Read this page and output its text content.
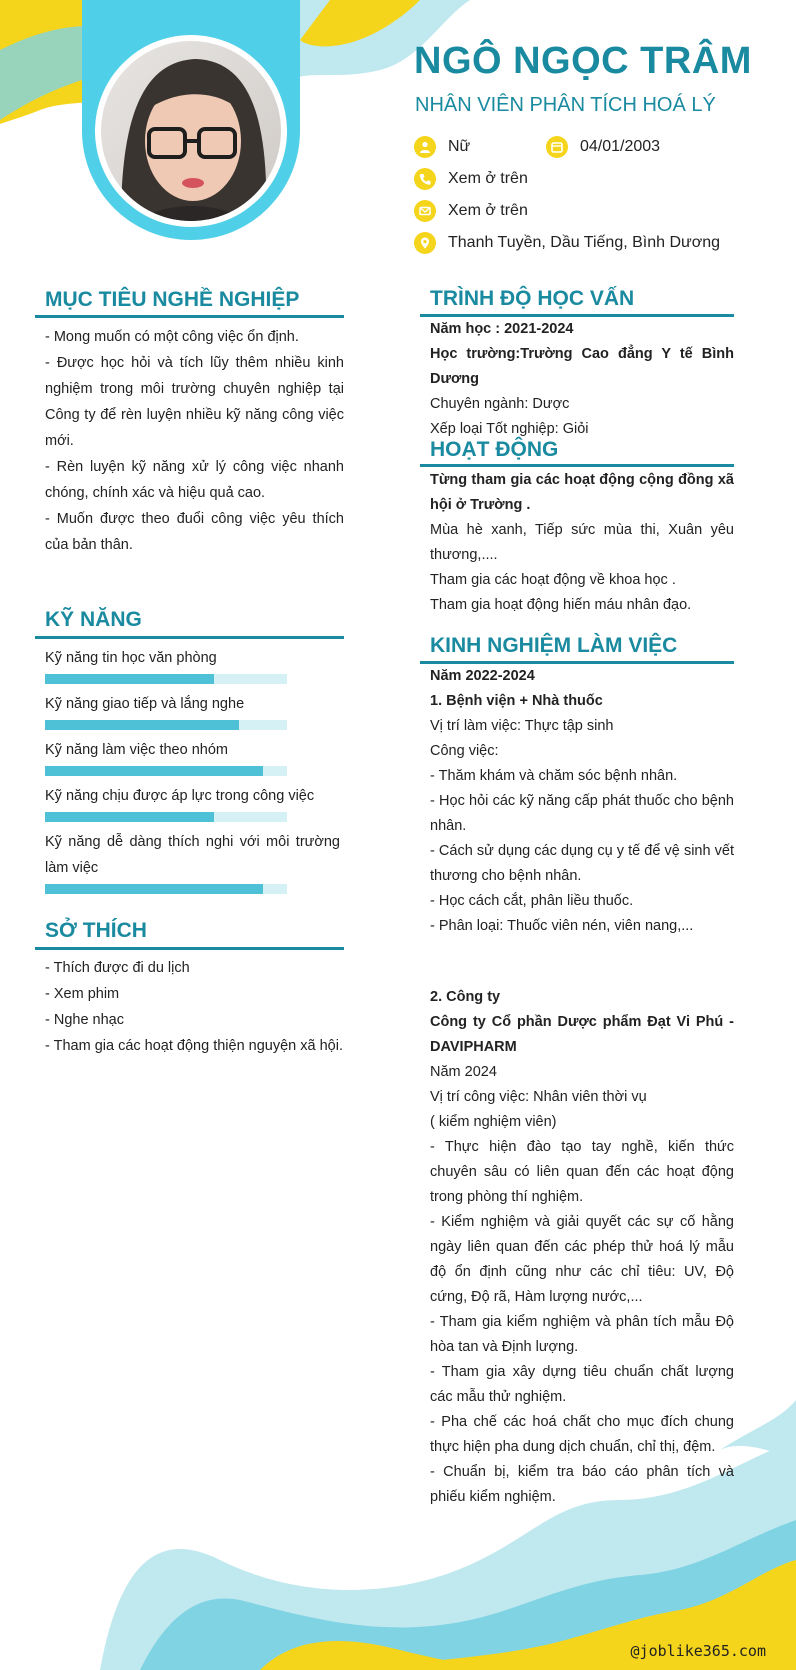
NGÔ NGỌC TRÂM
NHÂN VIÊN PHÂN TÍCH HOÁ LÝ
Nữ	04/01/2003
Xem ở trên
Xem ở trên
Thanh Tuyền, Dầu Tiếng, Bình Dương
MỤC TIÊU NGHỀ NGHIỆP

- Mong muốn có một công việc ổn định.

- Được học hỏi và tích lũy thêm nhiều kinh nghiệm trong môi trường chuyên nghiệp tại Công ty để rèn luyện nhiều kỹ năng công việc mới.

- Rèn luyện kỹ năng xử lý công việc nhanh chóng, chính xác và hiệu quả cao.

- Muốn được theo đuổi công việc yêu thích của bản thân.

KỸ NĂNG
Kỹ năng tin học văn phòng
Kỹ năng giao tiếp và lắng nghe
Kỹ năng làm việc theo nhóm
Kỹ năng chịu được áp lực trong công việc
Kỹ năng dễ dàng thích nghi với môi trường làm việc
SỞ THÍCH

- Thích được đi du lịch

- Xem phim

- Nghe nhạc

- Tham gia các hoạt động thiện nguyện xã hội.

TRÌNH ĐỘ HỌC VẤN

Năm học : 2021-2024

Học trường:Trường Cao đẳng Y tế Bình Dương

Chuyên ngành: Dược

Xếp loại Tốt nghiệp: Giỏi

HOẠT ĐỘNG

Từng tham gia các hoạt động cộng đồng xã hội ở Trường .

Mùa hè xanh, Tiếp sức mùa thi, Xuân yêu thương,....

Tham gia các hoạt động về khoa học .

Tham gia hoạt động hiến máu nhân đạo.

KINH NGHIỆM LÀM VIỆC

Năm 2022-2024

1. Bệnh viện + Nhà thuốc

Vị trí làm việc: Thực tập sinh

Công việc:

- Thăm khám và chăm sóc bệnh nhân.

- Học hỏi các kỹ năng cấp phát thuốc cho bệnh nhân.

- Cách sử dụng các dụng cụ y tế để vệ sinh vết thương cho bệnh nhân.

- Học cách cắt, phân liều thuốc.

- Phân loại: Thuốc viên nén, viên nang,...

2. Công ty

Công ty Cổ phần Dược phẩm Đạt Vi Phú - DAVIPHARM

Năm 2024

Vị trí công việc: Nhân viên thời vụ

( kiểm nghiệm viên)

- Thực hiện đào tạo tay nghề, kiến thức chuyên sâu có liên quan đến các hoạt động trong phòng thí nghiệm.

- Kiểm nghiệm và giải quyết các sự cố hằng ngày liên quan đến các phép thử hoá lý mẫu độ ổn định cũng như các chỉ tiêu: UV, Độ cứng, Độ rã, Hàm lượng nước,...

- Tham gia kiểm nghiệm và phân tích mẫu Độ hòa tan và Định lượng.

- Tham gia xây dựng tiêu chuẩn chất lượng các mẫu thử nghiệm.

- Pha chế các hoá chất cho mục đích chung thực hiện pha dung dịch chuẩn, chỉ thị, đệm.

- Chuẩn bị, kiểm tra báo cáo phân tích và phiếu kiểm nghiệm.

@joblike365.com
